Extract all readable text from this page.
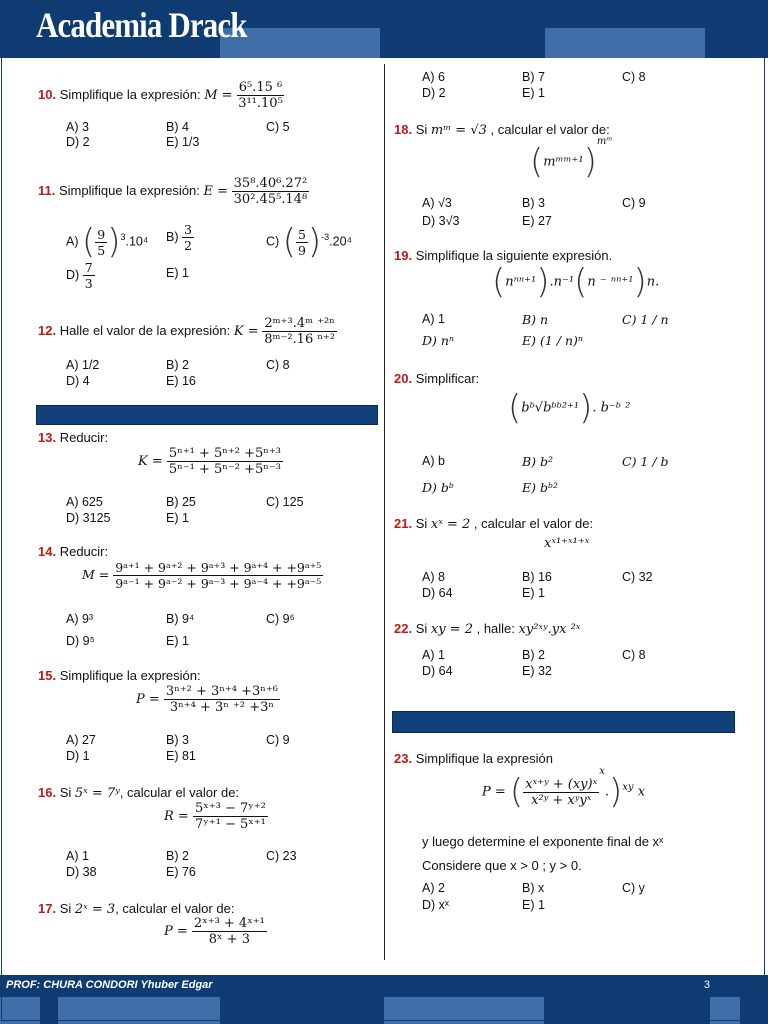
Academia Drack
10. Simplifique la expresión: $M = \frac{\text{6⁵.15 ⁶}}{\text{3¹¹.10⁵}}$
A) 3	B) 4	C) 5
D) 2	E) 1/3
11. Simplifique la expresión: $E = \frac{\text{35⁸.40⁶.27²}}{\text{30².45⁵.14⁸}}$
A) ( $\frac{9}{5} )^3.10^4$ $B) \frac{3}{2}$	C) ( $\frac{5}{9} )^{-3}.20^4$
$D) \frac{7}{3}$	E) 1
12. Halle el valor de la expresión: $K = \frac{\text{2ᵐ⁺³.4ᵐ ⁺²ⁿ}}{\text{8ᵐ⁻².16 ⁿ⁺²}}$
A) 1/2	B) 2	C) 8
D) 4	E) 16
13. Reducir:
$K = \frac{\text{5ⁿ⁺¹ + 5ⁿ⁺² +5ⁿ⁺³}}{\text{5ⁿ⁻¹ + 5ⁿ⁻² +5ⁿ⁻³}}$
A) 625	B) 25	C) 125
D) 3125	E) 1
14. Reducir:
$M = \frac{\text{9ᵃ⁺¹ + 9ᵃ⁺² + 9ᵃ⁺³ + 9ᵃ⁺⁴ + +9ᵃ⁺⁵}}{\text{9ᵃ⁻¹ + 9ᵃ⁻² + 9ᵃ⁻³ + 9ᵃ⁻⁴ + +9ᵃ⁻⁵}}$
A) 9³	B) 9⁴	C) 9⁶
D) 9⁵	E) 1
15. Simplifique la expresión:
$P = \frac{\text{3ⁿ⁺² + 3ⁿ⁺⁴ +3ⁿ⁺⁶}}{\text{3ⁿ⁺⁴ + 3ⁿ ⁺² +3ⁿ}}$
A) 27	B) 3	C) 9
D) 1	E) 81
16. Si 5ˣ = 7ʸ, calcular el valor de:
$R = \frac{\text{5ˣ⁺³ − 7ʸ⁺²}}{\text{7ʸ⁺¹ − 5ˣ⁺¹}}$
A) 1	B) 2	C) 23
D) 38	E) 76
17. Si 2ˣ = 3, calcular el valor de:
$P = \frac{\text{2ˣ⁺³ + 4ˣ⁺¹}}{\text{8ˣ + 3}}$
A) 6	B) 7	C) 8
D) 2	E) 1
18. Si mᵐ = √3 , calcular el valor de:
(mᵐᵐ⁺¹)$^{mᵐ}$
A) √3	B) 3	C) 9
D) 3√3	E) 27
19. Simplifique la siguiente expresión.
(nⁿⁿ⁺¹).n⁻¹(n ⁻ ⁿⁿ⁺¹)n.
A) 1	B) n	C) 1 / n
D) nⁿ	E) (1 / n)ⁿ
20. Simplificar:
(bᵇ√bᵇᵇ²⁺¹). b⁻ᵇ ²
A) b	B) b²	C) 1 / b
D) bᵇ	E) bᵇ²
21. Si xˣ = 2 , calcular el valor de:
xˣ¹⁺ˣ¹⁺ˣ
A) 8	B) 16	C) 32
D) 64	E) 1
22. Si xy = 2 , halle: xy²ˣʸ.yx ²ˣ
A) 1	B) 2	C) 8
D) 64	E) 32
23. Simplifique la expresión
P = ( $\frac{\text{xˣ⁺ʸ + (xy)ˣ}}{\text{x²ʸ + xʸyˣ}}$
$^x$.)$^{xy}$ x
y luego determine el exponente final de xˣ
Considere que x > 0 ; y > 0.
A) 2	B) x	C) y
D) xˣ	E) 1
PROF: CHURA CONDORI Yhuber Edgar	3
